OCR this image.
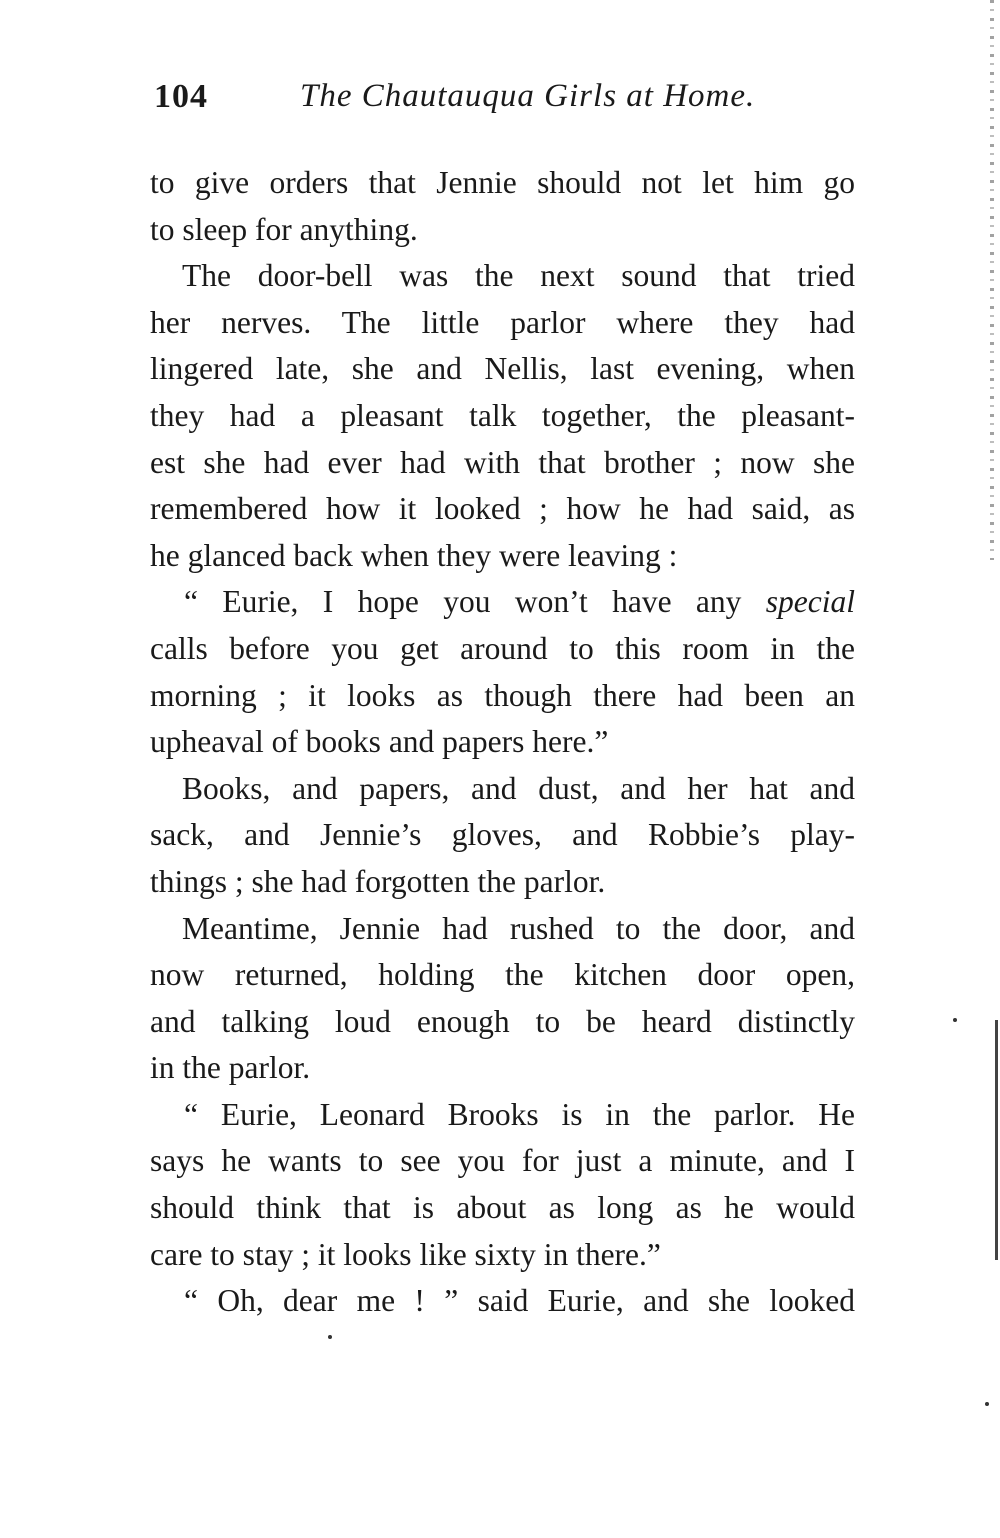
104	The Chautauqua Girls at Home.
to give orders that Jennie should not let him go
to sleep for anything.
The door-bell was the next sound that tried
her nerves. The little parlor where they had
lingered late, she and Nellis, last evening, when
they had a pleasant talk together, the pleasant-
est she had ever had with that brother ; now she
remembered how it looked ; how he had said, as
he glanced back when they were leaving :
“ Eurie, I hope you won’t have any special
calls before you get around to this room in the
morning ; it looks as though there had been an
upheaval of books and papers here.”
Books, and papers, and dust, and her hat and
sack, and Jennie’s gloves, and Robbie’s play-
things ; she had forgotten the parlor.
Meantime, Jennie had rushed to the door, and
now returned, holding the kitchen door open,
and talking loud enough to be heard distinctly
in the parlor.
“ Eurie, Leonard Brooks is in the parlor. He
says he wants to see you for just a minute, and I
should think that is about as long as he would
care to stay ; it looks like sixty in there.”
“ Oh, dear me ! ” said Eurie, and she looked
